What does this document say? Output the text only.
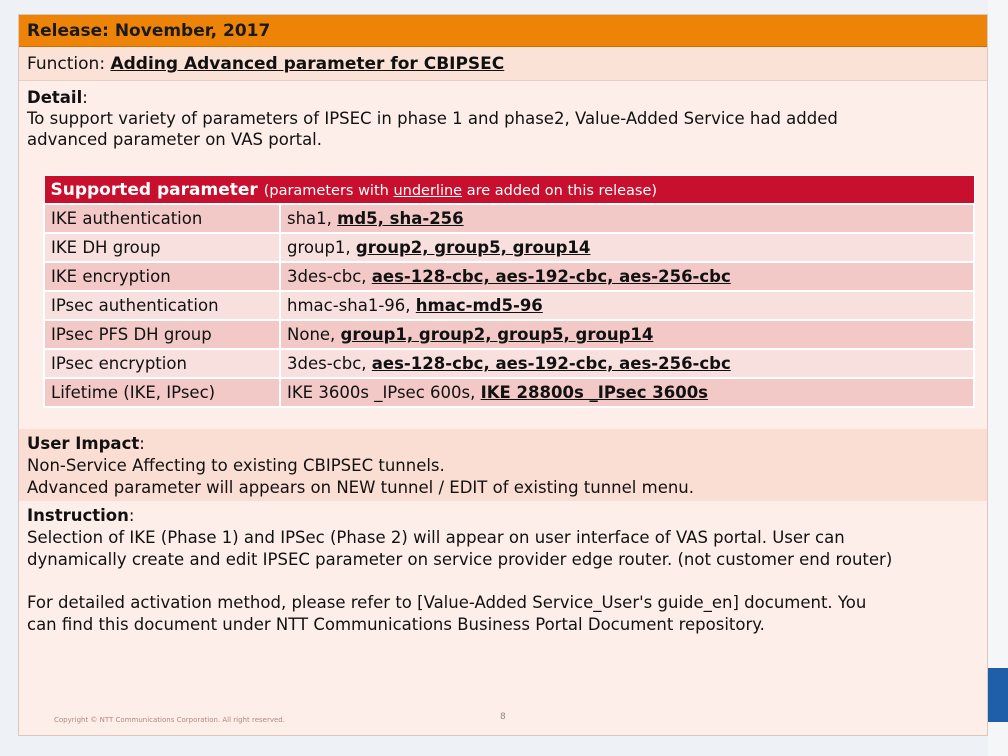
Release: November, 2017
Function: Adding Advanced parameter for CBIPSEC
Detail:
To support variety of parameters of IPSEC in phase 1 and phase2, Value-Added Service had added
advanced parameter on VAS portal.
Supported parameter (parameters with underline are added on this release)	
IKE authentication	sha1, md5, sha-256
IKE DH group	group1, group2, group5, group14
IKE encryption	3des-cbc, aes-128-cbc, aes-192-cbc, aes-256-cbc
IPsec authentication	hmac-sha1-96, hmac-md5-96
IPsec PFS DH group	None, group1, group2, group5, group14
IPsec encryption	3des-cbc, aes-128-cbc, aes-192-cbc, aes-256-cbc
Lifetime (IKE, IPsec)	IKE 3600s _IPsec 600s, IKE 28800s _IPsec 3600s
User Impact:
Non-Service Affecting to existing CBIPSEC tunnels.
Advanced parameter will appears on NEW tunnel / EDIT of existing tunnel menu.
Instruction:
Selection of IKE (Phase 1) and IPSec (Phase 2) will appear on user interface of VAS portal. User can
dynamically create and edit IPSEC parameter on service provider edge router. (not customer end router)
For detailed activation method, please refer to [Value-Added Service_User's guide_en] document. You
can find this document under NTT Communications Business Portal Document repository.
Copyright © NTT Communications Corporation. All right reserved.	8
